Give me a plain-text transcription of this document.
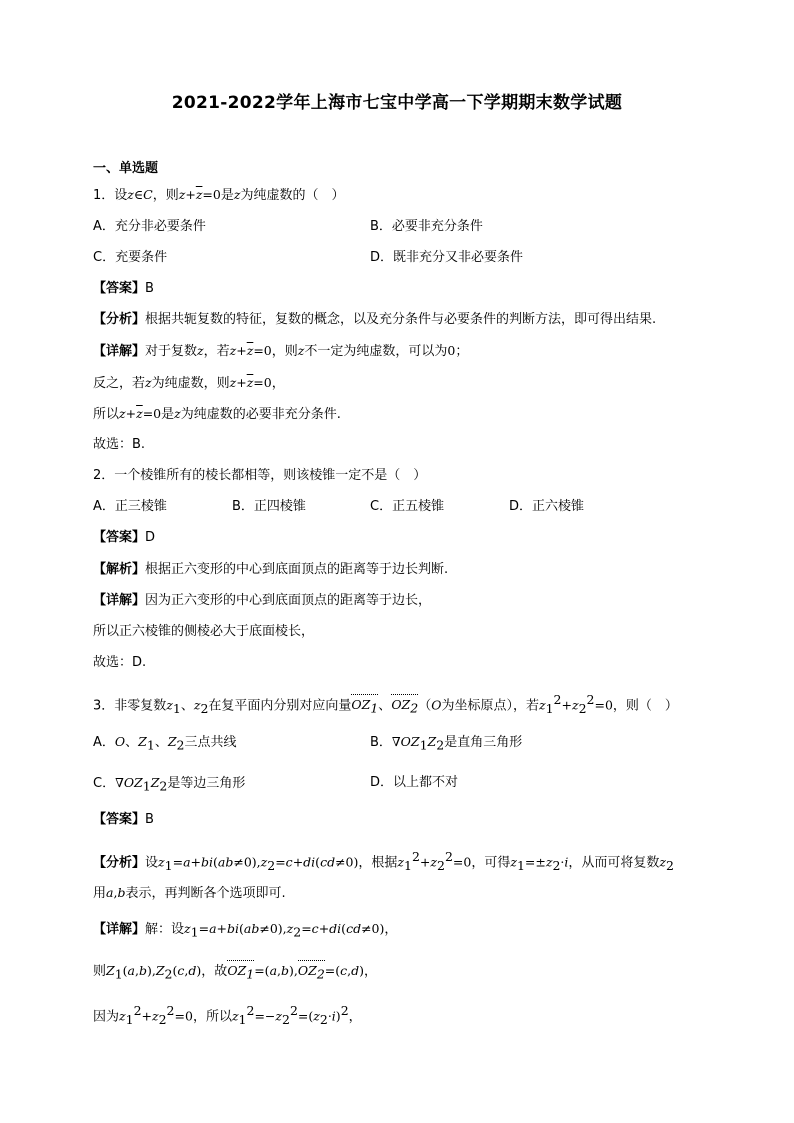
2021-2022学年上海市七宝中学高一下学期期末数学试题
一、单选题
1．设z∈C，则$z+\overline{z}=0$是z为纯虚数的（　）
A．充分非必要条件	B．必要非充分条件
C．充要条件	D．既非充分又非必要条件
【答案】B
【分析】根据共轭复数的特征，复数的概念，以及充分条件与必要条件的判断方法，即可得出结果.
【详解】对于复数z，若$z+\overline{z}=0$，则z不一定为纯虚数，可以为0；
反之，若z为纯虚数，则$z+\overline{z}=0$，
所以$z+\overline{z}=0$是z为纯虚数的必要非充分条件.
故选：B.
2．一个棱锥所有的棱长都相等，则该棱锥一定不是（　）
A．正三棱锥	B．正四棱锥	C．正五棱锥	D．正六棱锥
【答案】D
【解析】根据正六变形的中心到底面顶点的距离等于边长判断.
【详解】因为正六变形的中心到底面顶点的距离等于边长，
所以正六棱锥的侧棱必大于底面棱长，
故选：D.
3．非零复数$z_1$、$z_2$在复平面内分别对应向量$OZ_1$、$OZ_2(O$为坐标原点），若$z_1^2+z_2^2=0$，则（　）
A．O、$Z_1$、$Z_2$三点共线	B．$\nabla OZ_1Z_2$是直角三角形
C．$\nabla OZ_1Z_2$是等边三角形	D．以上都不对
【答案】B
【分析】设$z_1=a+bi(ab\ne 0),z_2=c+di(cd\ne 0)$，根据$z_1^2+z_2^2=0$，可得$z_1=\pm z_2\cdot i$，从而可将复数$z_2$
用a,b表示，再判断各个选项即可.
【详解】解：设$z_1=a+bi(ab\ne 0),z_2=c+di(cd\ne 0)$，
则$Z_1(a,b),Z_2(c,d)$，故$OZ_1=(a,b),OZ_2=(c,d)$，
因为$z_1^2+z_2^2=0$，所以$z_1^2=-z_2^2=(z_2\cdot i)^2$，
